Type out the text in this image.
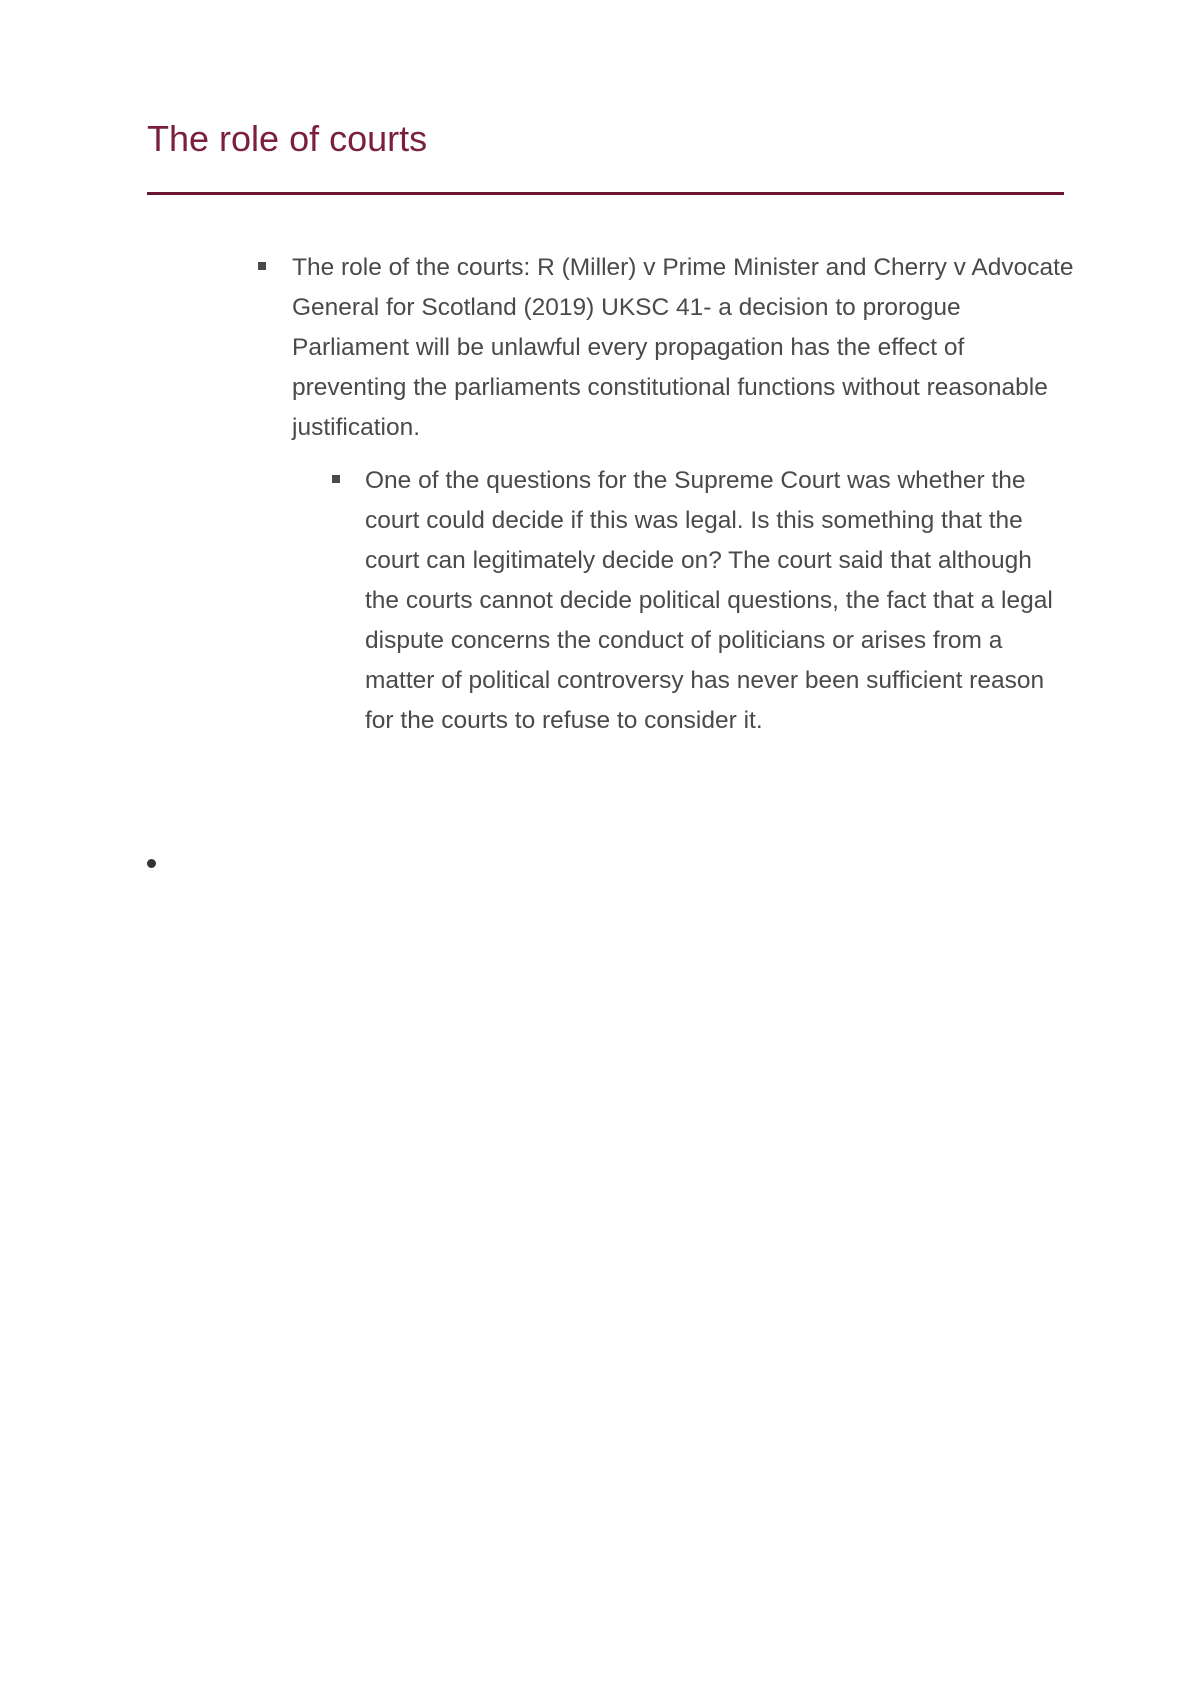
The role of courts
The role of the courts: R (Miller) v Prime Minister and Cherry v Advocate General for Scotland (2019) UKSC 41- a decision to prorogue Parliament will be unlawful every propagation has the effect of preventing the parliaments constitutional functions without reasonable justification.
One of the questions for the Supreme Court was whether the court could decide if this was legal. Is this something that the court can legitimately decide on? The court said that although the courts cannot decide political questions, the fact that a legal dispute concerns the conduct of politicians or arises from a matter of political controversy has never been sufficient reason for the courts to refuse to consider it.
